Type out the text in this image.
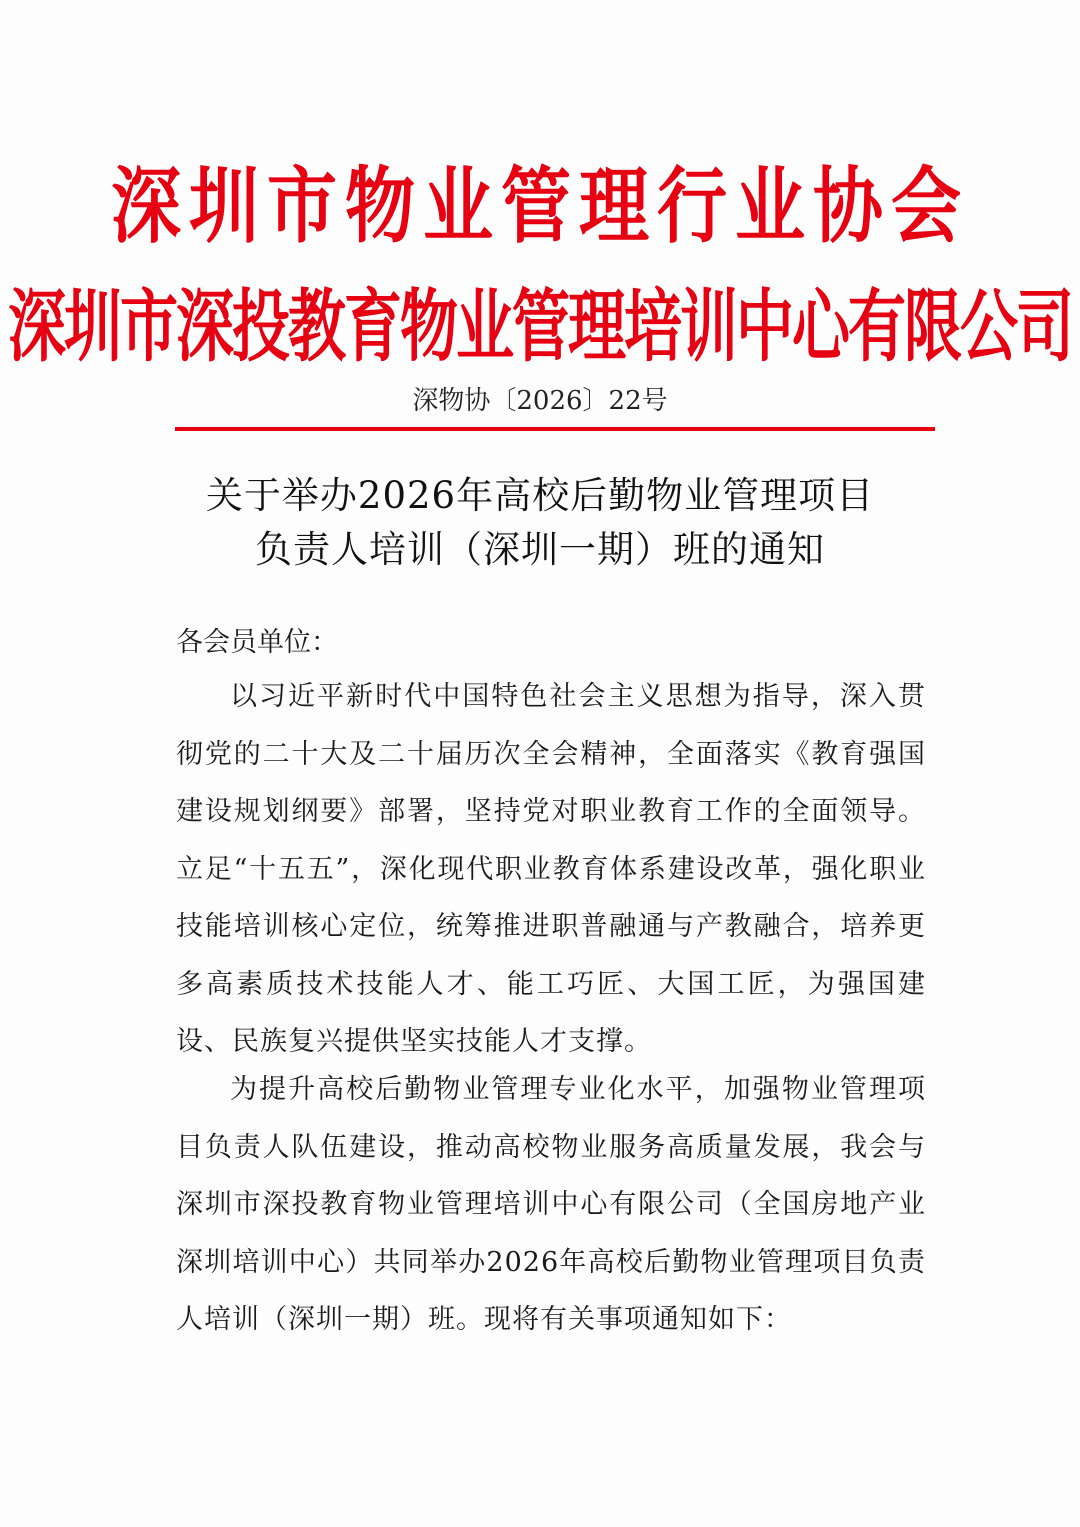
深圳市物业管理行业协会
深圳市深投教育物业管理培训中心有限公司
深物协〔2026〕22号
关于举办2026年高校后勤物业管理项目
负责人培训（深圳一期）班的通知
各会员单位：
以习近平新时代中国特色社会主义思想为指导，深入贯彻党的二十大及二十届历次全会精神，全面落实《教育强国建设规划纲要》部署，坚持党对职业教育工作的全面领导。立足“十五五”，深化现代职业教育体系建设改革，强化职业技能培训核心定位，统筹推进职普融通与产教融合，培养更多高素质技术技能人才、能工巧匠、大国工匠，为强国建设、民族复兴提供坚实技能人才支撑。
为提升高校后勤物业管理专业化水平，加强物业管理项目负责人队伍建设，推动高校物业服务高质量发展，我会与深圳市深投教育物业管理培训中心有限公司（全国房地产业深圳培训中心）共同举办2026年高校后勤物业管理项目负责人培训（深圳一期）班。现将有关事项通知如下：
